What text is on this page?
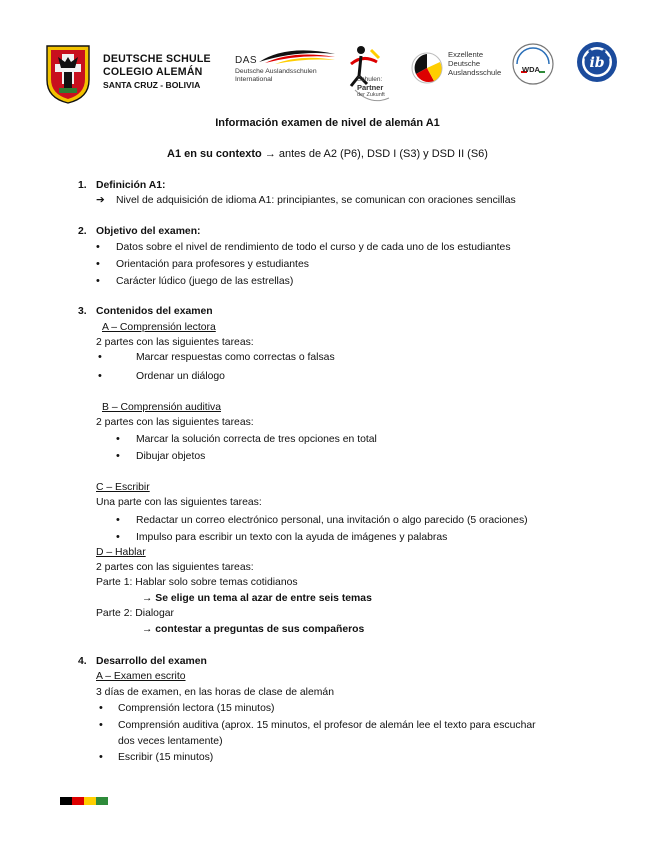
DEUTSCHE SCHULE
COLEGIO ALEMÁN
SANTA CRUZ - BOLIVIA
DAS
Deutsche Auslandsschulen
International	Schulen:
Partner
der Zukunft
Exzellente
Deutsche
Auslandsschule	WDA	ib
Información examen de nivel de alemán A1
A1 en su contexto → antes de A2 (P6), DSD I (S3) y DSD II (S6)
1. Definición A1:
➔ Nivel de adquisición de idioma A1: principiantes, se comunican con oraciones sencillas
2. Objetivo del examen:
• Datos sobre el nivel de rendimiento de todo el curso y de cada uno de los estudiantes
• Orientación para profesores y estudiantes
• Carácter lúdico (juego de las estrellas)
3. Contenidos del examen
A – Comprensión lectora
2 partes con las siguientes tareas:
•	Marcar respuestas como correctas o falsas
•	Ordenar un diálogo
B – Comprensión auditiva
2 partes con las siguientes tareas:
• Marcar la solución correcta de tres opciones en total
• Dibujar objetos
C – Escribir
Una parte con las siguientes tareas:
• Redactar un correo electrónico personal, una invitación o algo parecido (5 oraciones)
• Impulso para escribir un texto con la ayuda de imágenes y palabras
D – Hablar
2 partes con las siguientes tareas:
Parte 1: Hablar solo sobre temas cotidianos
→ Se elige un tema al azar de entre seis temas
Parte 2: Dialogar
→ contestar a preguntas de sus compañeros
4. Desarrollo del examen
A – Examen escrito
3 días de examen, en las horas de clase de alemán
• Comprensión lectora (15 minutos)
• Comprensión auditiva (aprox. 15 minutos, el profesor de alemán lee el texto para escuchar
dos veces lentamente)
• Escribir (15 minutos)
